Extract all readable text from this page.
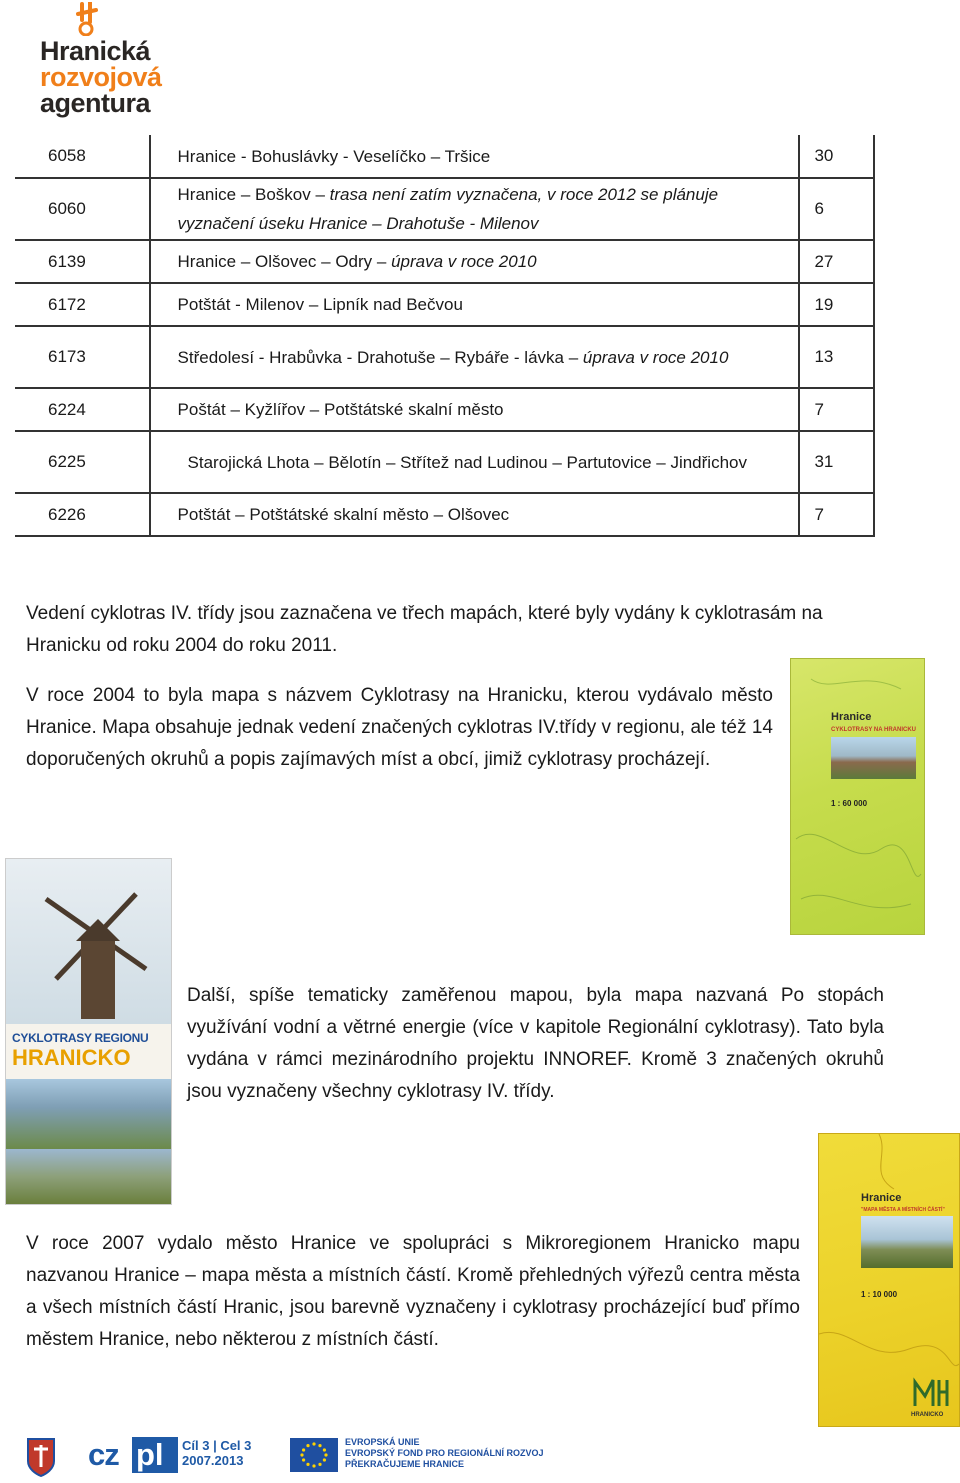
Hranická
rozvojová
agentura
6058	Hranice - Bohuslávky - Veselíčko – Tršice	30
6060	Hranice – Boškov – trasa není zatím vyznačena, v roce 2012 se plánuje vyznačení úseku Hranice – Drahotuše - Milenov	6
6139	Hranice – Olšovec – Odry – úprava v roce 2010	27
6172	Potštát - Milenov – Lipník nad Bečvou	19
6173	Středolesí - Hrabůvka - Drahotuše – Rybáře - lávka – úprava v roce 2010	13
6224	Poštát – Kyžlířov – Potštátské skalní město	7
6225	Starojická Lhota – Bělotín – Střítež nad Ludinou – Partutovice – Jindřichov	31
6226	Potštát – Potštátské skalní město – Olšovec	7

Vedení cyklotras IV. třídy jsou zaznačena ve třech mapách, které byly vydány k cyklotrasám na Hranicku od roku 2004 do roku 2011.

V roce 2004 to byla mapa s názvem Cyklotrasy na Hranicku, kterou vydávalo město Hranice. Mapa obsahuje jednak vedení značených cyklotras IV.třídy v regionu, ale též 14 doporučených okruhů a popis zajímavých míst a obcí, jimiž cyklotrasy procházejí.

Další, spíše tematicky zaměřenou mapou, byla mapa nazvaná Po stopách využívání vodní a větrné energie (více v kapitole Regionální cyklotrasy). Tato byla vydána v rámci mezinárodního projektu INNOREF. Kromě 3 značených okruhů jsou vyznačeny všechny cyklotrasy IV. třídy.

V roce 2007 vydalo město Hranice ve spolupráci s Mikroregionem Hranicko mapu nazvanou Hranice – mapa města a místních částí. Kromě přehledných výřezů centra města a všech místních částí Hranic, jsou barevně vyznačeny i cyklotrasy procházející buď přímo městem Hranice, nebo některou z místních částí.

Hranice
CYKLOTRASY NA HRANICKU
1 : 60 000
CYKLOTRASY REGIONU
HRANICKO
Hranice
"MAPA MĚSTA A MÍSTNÍCH ČÁSTÍ"
1 : 10 000
HRANICKO
cz pl Cíl 3 | Cel 3
2007.2013
EVROPSKÁ UNIE
EVROPSKÝ FOND PRO REGIONÁLNÍ ROZVOJ
PŘEKRAČUJEME HRANICE
